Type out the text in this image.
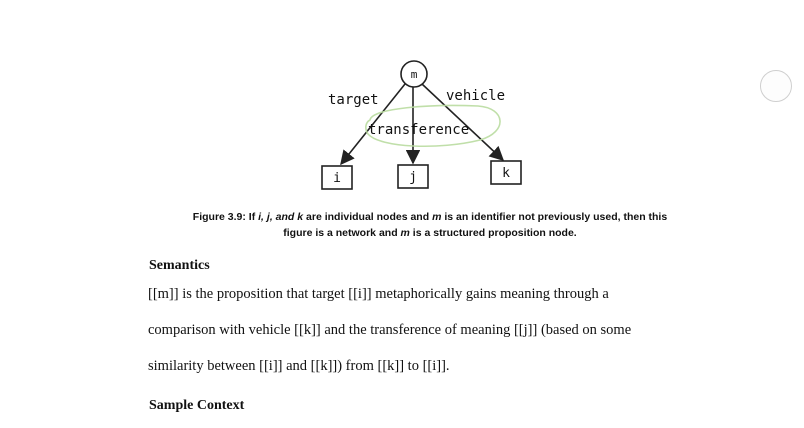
m
target
transference
vehicle
i	j	k
Figure 3.9: If i, j, and k are individual nodes and m is an identifier not previously used, then this
figure is a network and m is a structured proposition node.
Semantics
[[m]] is the proposition that target [[i]] metaphorically gains meaning through a
comparison with vehicle [[k]] and the transference of meaning [[j]] (based on some
similarity between [[i]] and [[k]]) from [[k]] to [[i]].
Sample Context
